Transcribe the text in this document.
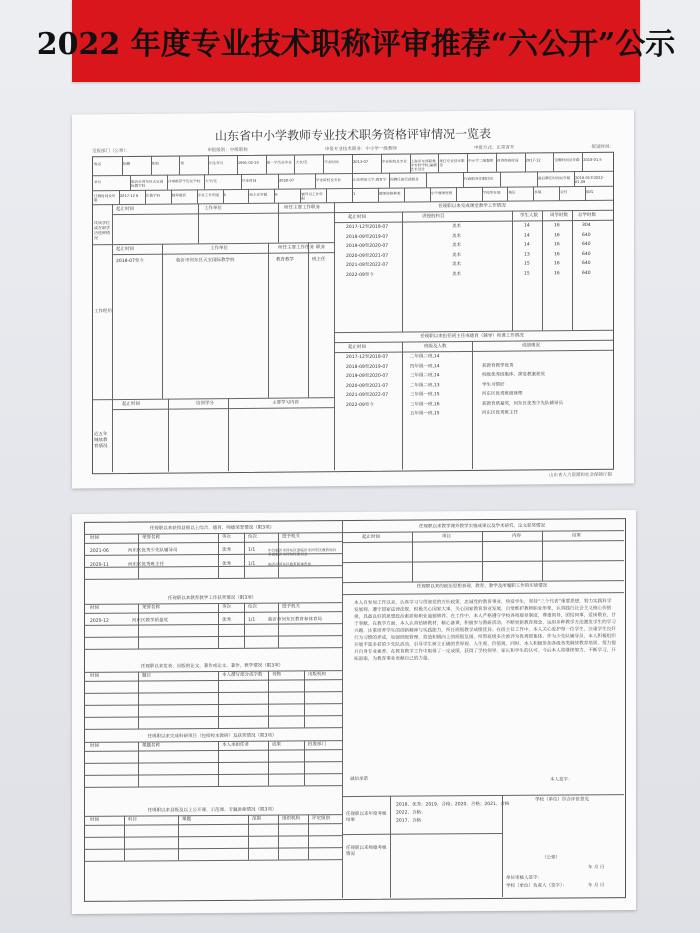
2022 年度专业技术职称评审推荐“六公开”公示
山东省中小学教师专业技术职务资格评审情况一览表
呈报部门（公章）：	申报级别：中级职称	申报专业技术职务：中小学一级教师	申报方式：正常晋升	报送时间：
攻读学位或在职学历进修情况
工作经历
近五年继续教育情况
山东省人力资源和社会保障厅制
姓名	徐鹏	性别	男	出生年月	1991-02-10	第一学历及毕业	大专/无	毕业时间	2013-07	毕业院校及专业	上海市东郊职教中专科学校,编剧艺术设计
现任专业技术职务
中小学二级教师	获得资格时间	2017-12	受聘时间及年限	2018-01,5
单位	临沂市河东区天宝国际教学校
评审推荐学历及学校	大学/无	毕业时间	2020-07	毕业院校及专业	山东师范大学,教育学 现聘任的行政职务	行政职务任职时间	最后聘任时间及年限	2019-01至2022-01,09
任教时间及年限
2017-12 6	任教学科	钢琴教育	专业工作年限	6	班主任年限	6	辅导员工作年限
1	教师资格种类	小学教师资格	学校所在地	城区	乡镇	农村	偏远
起止时间	工作单位	所任主要工作职务
起止时间	工作单位	所任主要工作任务 职务
2018-07至今	临沂市河东区天宝国际教学校	教育教学	班主任
起止时间	培训学分	主要学习内容
任现职以来完成课堂教学工作情况
起止时间	讲授的科目	学生人数	周学时数 总学时数
2017-12至2018-07	美术	14	16	304
2018-09至2019-07	美术	14	16	640
2019-09至2020-07	美术	14	16	640
2020-09至2021-07	美术	13	16	640
2021-09至2022-07	美术	15	16	640
2022-09至今	美术	15	16	640
任现职以来担任班主任或德育（辅导）和课工作情况
起止时间	班级及人数	成绩情况
2017-12至2018-07	二年级二班,14
2018-09至2019-07	四年级一班,14	获教育教学优秀
2019-09至2020-07	三年级二班,14	校级优秀班集体，演觉教案获奖
2020-09至2021-07	二年级二班,13	学生习惯好
2021-09至2022-07	三年级一班,15	河东区优秀班级管理
2022-09至今	三年级一班,16	获教育质量奖，河东区优秀少先队辅导员
五年级一班,15	河东区优秀班主任
本人自参加工作以来，认真学习与贯彻党的方针政策，忠诚党的教育事业，热爱学生，坚持“三个代表”重要思想，努力实践科学发展观，遵守国家法律法规，积极关心国家大事，关心国家教育事业发展，自觉维护教师职业形象，认真践行社会主义核心价值观，具备良好的思想政治素质和职业道德修养。在工作中，本人严格遵守学校各项规章制度，尊重领导，团结同事，爱岗敬业，甘于奉献。在教学方面，本人认真钻研教材，精心备课，积极参与教研活动，不断更新教育观念，运用多种教学方法激发学生的学习兴趣，注重培养学生的创新精神与实践能力，所任班级教学成绩优异。在班主任工作中，本人关心爱护每一位学生，注重学生良好行为习惯的养成，加强班级管理，营造积极向上的班级氛围，所带班级多次被评为优秀班集体。作为少先队辅导员，本人积极组织开展丰富多彩的少先队活动，引导学生树立正确的世界观、人生观、价值观。同时，本人积极参加各级各类继续教育培训，努力提升自身专业素养，在教育教学工作中取得了一定成绩，获得了学校领导、家长和学生的认可。今后本人将继续努力，不断学习，开拓进取，为教育事业贡献自己的力量。
诚信承诺	本人签字：
学校（单位）综合评价意见
任现职以来年度考核结果
2018、优秀；2019、合格；2020、合格；2021、合格
2022、合格；
2017、合格
任现职以来师德考核情况
（公章）
年 月 日
单位审核人签字：
学校（单位）负责人（签字）：	年 月 日
任现职以来获得县级以上综合、德育、师德荣誉情况（限3项）
时间	荣誉名称	等次	位次	授予机关
2021-06	河东区优秀少先队辅导员	优秀	1/1	中共临沂市河东区委临沂市河东区教育局共青团临沂市河东区委员会
2020-11	河东区优秀班主任	优秀	1/1	临沂市河东区教育和体育局
任现职以来教育教学工作获奖情况（限3项）
时间	荣誉名称	等次	位次	授予机关
2020-12	河东区教学质量奖	优秀	1/1	临沂市河东区教育和体育局
任现职以来发表、出版的论文、著作或论文、著作，教学情况（限3项）
时间	题目	本人撰写部分或字数 刊物	出版机构
任现职以来完成科研项目（包括校本教研）及获奖情况（限3项）
时间	课题名称	本人承担任务	成果	批准部门
任现职以来县级及以上公开课、示范课、专题讲座情况（限3项）
时间	科目	课题	范围	组织机构	评定级别
任现职以来教学课外教学实施成果以及学术研究、论文获奖情况
起止时间	项目	内容	结果
任现职以来的政治思想表现、教育、教学及所履职工作的实绩情况
